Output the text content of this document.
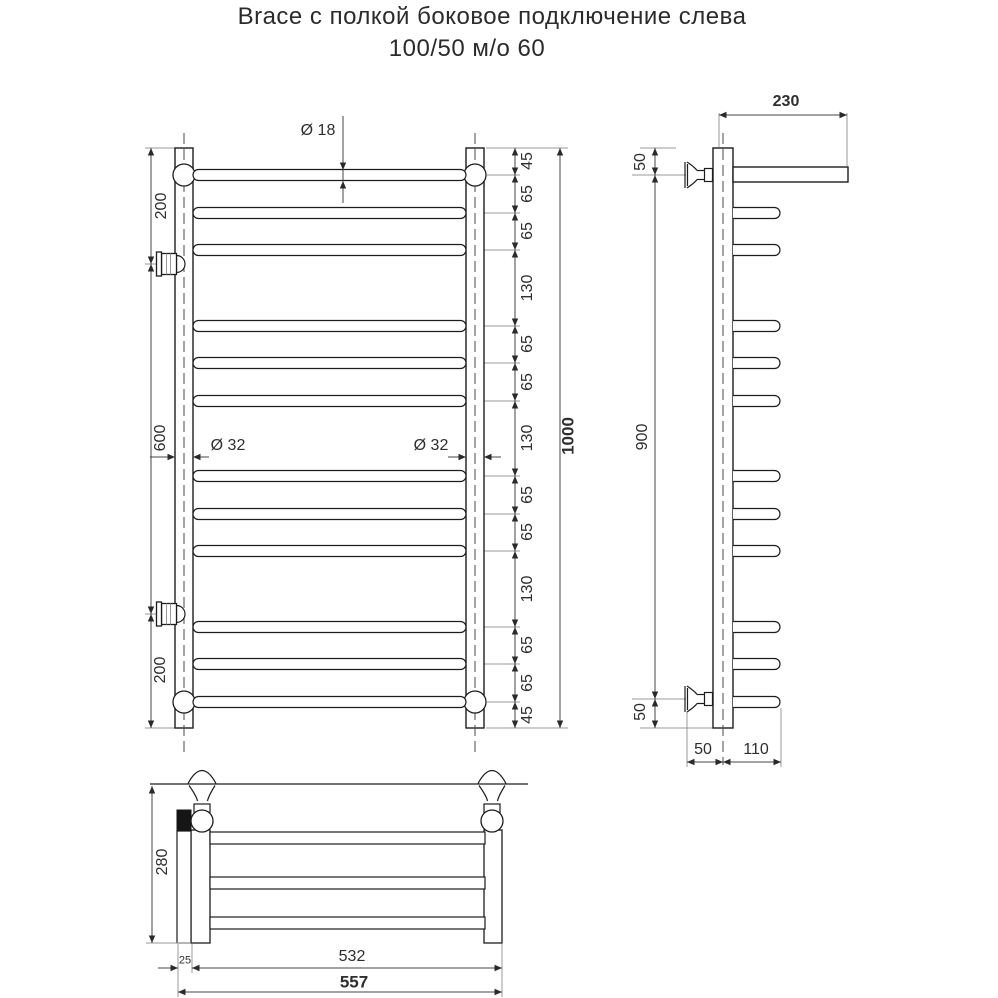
Brace с полкой боковое подключение слева
100/50 м/о 60
Ø 18
200
600
200
Ø 32	Ø 32
45
65
65
130
65
65
130
65
65
130
65
65
45
1000
230
50
900
50
50 110
280
25	532
557
